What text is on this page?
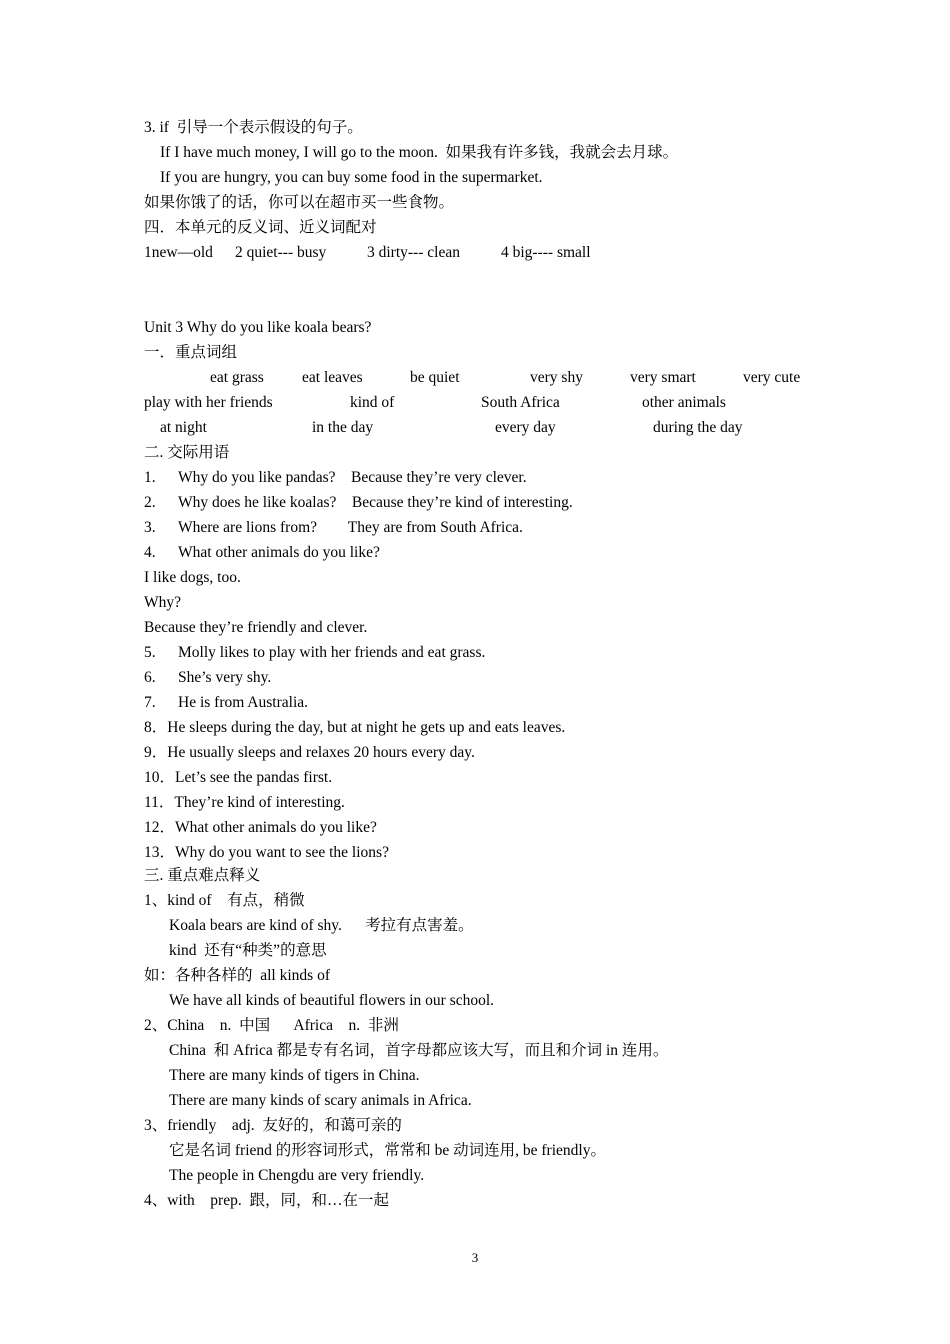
3. if  引导一个表示假设的句子。
If I have much money, I will go to the moon.  如果我有许多钱，我就会去月球。
If you are hungry, you can buy some food in the supermarket.
如果你饿了的话，你可以在超市买一些食物。
四．本单元的反义词、近义词配对
1new—old 2 quiet--- busy	3 dirty--- clean	4 big---- small
Unit 3 Why do you like koala bears?
一．重点词组
eat grass eat leaves	be quiet	very shy	very smart	very cute
play with her friends	kind of	South Africa	other animals
at night	in the day	every day	during the day
二. 交际用语
1. Why do you like pandas?    Because they’re very clever.
2. Why does he like koalas?    Because they’re kind of interesting.
3. Where are lions from?        They are from South Africa.
4. What other animals do you like?
I like dogs, too.
Why?
Because they’re friendly and clever.
5. Molly likes to play with her friends and eat grass.
6. She’s very shy.
7. He is from Australia.
8．He sleeps during the day, but at night he gets up and eats leaves.
9．He usually sleeps and relaxes 20 hours every day.
10．Let’s see the pandas first.
11．They’re kind of interesting.
12．What other animals do you like?
13．Why do you want to see the lions?
三. 重点难点释义
1、kind of    有点，稍微
Koala bears are kind of shy.      考拉有点害羞。
kind  还有“种类”的意思
如：各种各样的  all kinds of
We have all kinds of beautiful flowers in our school.
2、China    n.  中国      Africa    n.  非洲
China  和 Africa 都是专有名词，首字母都应该大写，而且和介词 in 连用。
There are many kinds of tigers in China.
There are many kinds of scary animals in Africa.
3、friendly    adj.  友好的，和蔼可亲的
它是名词 friend 的形容词形式，常常和 be 动词连用, be friendly。
The people in Chengdu are very friendly.
4、with    prep.  跟，同，和…在一起
3
